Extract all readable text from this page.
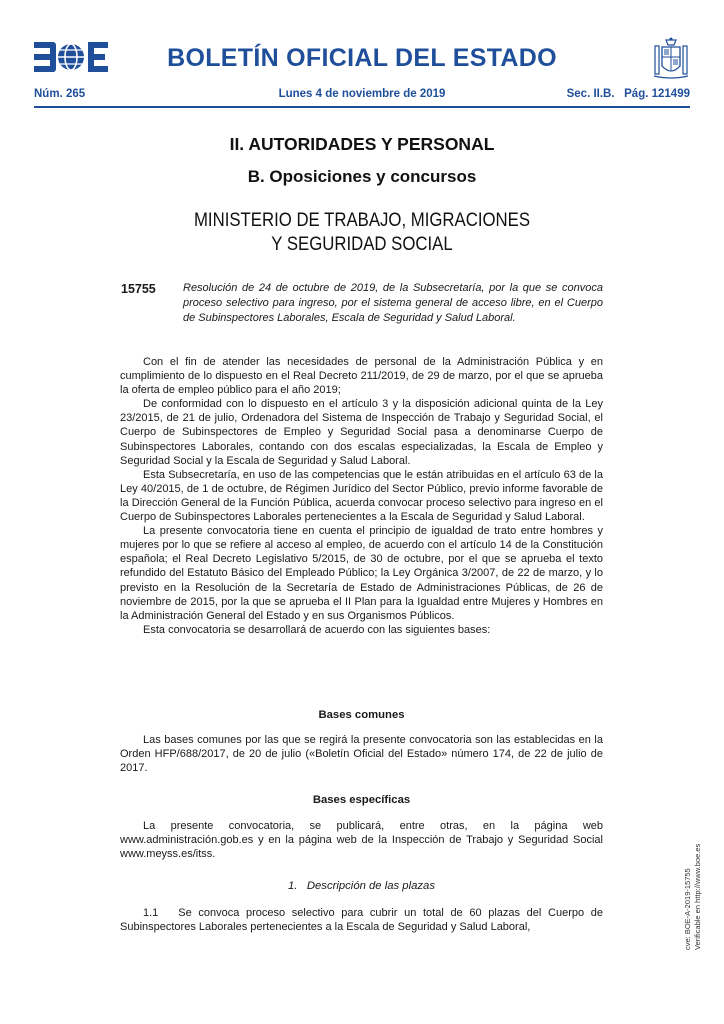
BOLETÍN OFICIAL DEL ESTADO
Núm. 265	Lunes 4 de noviembre de 2019	Sec. II.B.   Pág. 121499
II. AUTORIDADES Y PERSONAL
B. Oposiciones y concursos
MINISTERIO DE TRABAJO, MIGRACIONES
Y SEGURIDAD SOCIAL
15755 Resolución de 24 de octubre de 2019, de la Subsecretaría, por la que se convoca proceso selectivo para ingreso, por el sistema general de acceso libre, en el Cuerpo de Subinspectores Laborales, Escala de Seguridad y Salud Laboral.

Con el fin de atender las necesidades de personal de la Administración Pública y en cumplimiento de lo dispuesto en el Real Decreto 211/2019, de 29 de marzo, por el que se aprueba la oferta de empleo público para el año 2019;

De conformidad con lo dispuesto en el artículo 3 y la disposición adicional quinta de la Ley 23/2015, de 21 de julio, Ordenadora del Sistema de Inspección de Trabajo y Seguridad Social, el Cuerpo de Subinspectores de Empleo y Seguridad Social pasa a denominarse Cuerpo de Subinspectores Laborales, contando con dos escalas especializadas, la Escala de Empleo y Seguridad Social y la Escala de Seguridad y Salud Laboral.

Esta Subsecretaría, en uso de las competencias que le están atribuidas en el artículo 63 de la Ley 40/2015, de 1 de octubre, de Régimen Jurídico del Sector Público, previo informe favorable de la Dirección General de la Función Pública, acuerda convocar proceso selectivo para ingreso en el Cuerpo de Subinspectores Laborales pertenecientes a la Escala de Seguridad y Salud Laboral.

La presente convocatoria tiene en cuenta el principio de igualdad de trato entre hombres y mujeres por lo que se refiere al acceso al empleo, de acuerdo con el artículo 14 de la Constitución española; el Real Decreto Legislativo 5/2015, de 30 de octubre, por el que se aprueba el texto refundido del Estatuto Básico del Empleado Público; la Ley Orgánica 3/2007, de 22 de marzo, y lo previsto en la Resolución de la Secretaría de Estado de Administraciones Públicas, de 26 de noviembre de 2015, por la que se aprueba el II Plan para la Igualdad entre Mujeres y Hombres en la Administración General del Estado y en sus Organismos Públicos.

Esta convocatoria se desarrollará de acuerdo con las siguientes bases:

Bases comunes

Las bases comunes por las que se regirá la presente convocatoria son las establecidas en la Orden HFP/688/2017, de 20 de julio («Boletín Oficial del Estado» número 174, de 22 de julio de 2017.

Bases específicas

La presente convocatoria, se publicará, entre otras, en la página web www.administración.gob.es y en la página web de la Inspección de Trabajo y Seguridad Social www.meyss.es/itss.

1.   Descripción de las plazas

1.1   Se convoca proceso selectivo para cubrir un total de 60 plazas del Cuerpo de Subinspectores Laborales pertenecientes a la Escala de Seguridad y Salud Laboral,	cve: BOE-A-2019-15755 Verificable en http://www.boe.es
